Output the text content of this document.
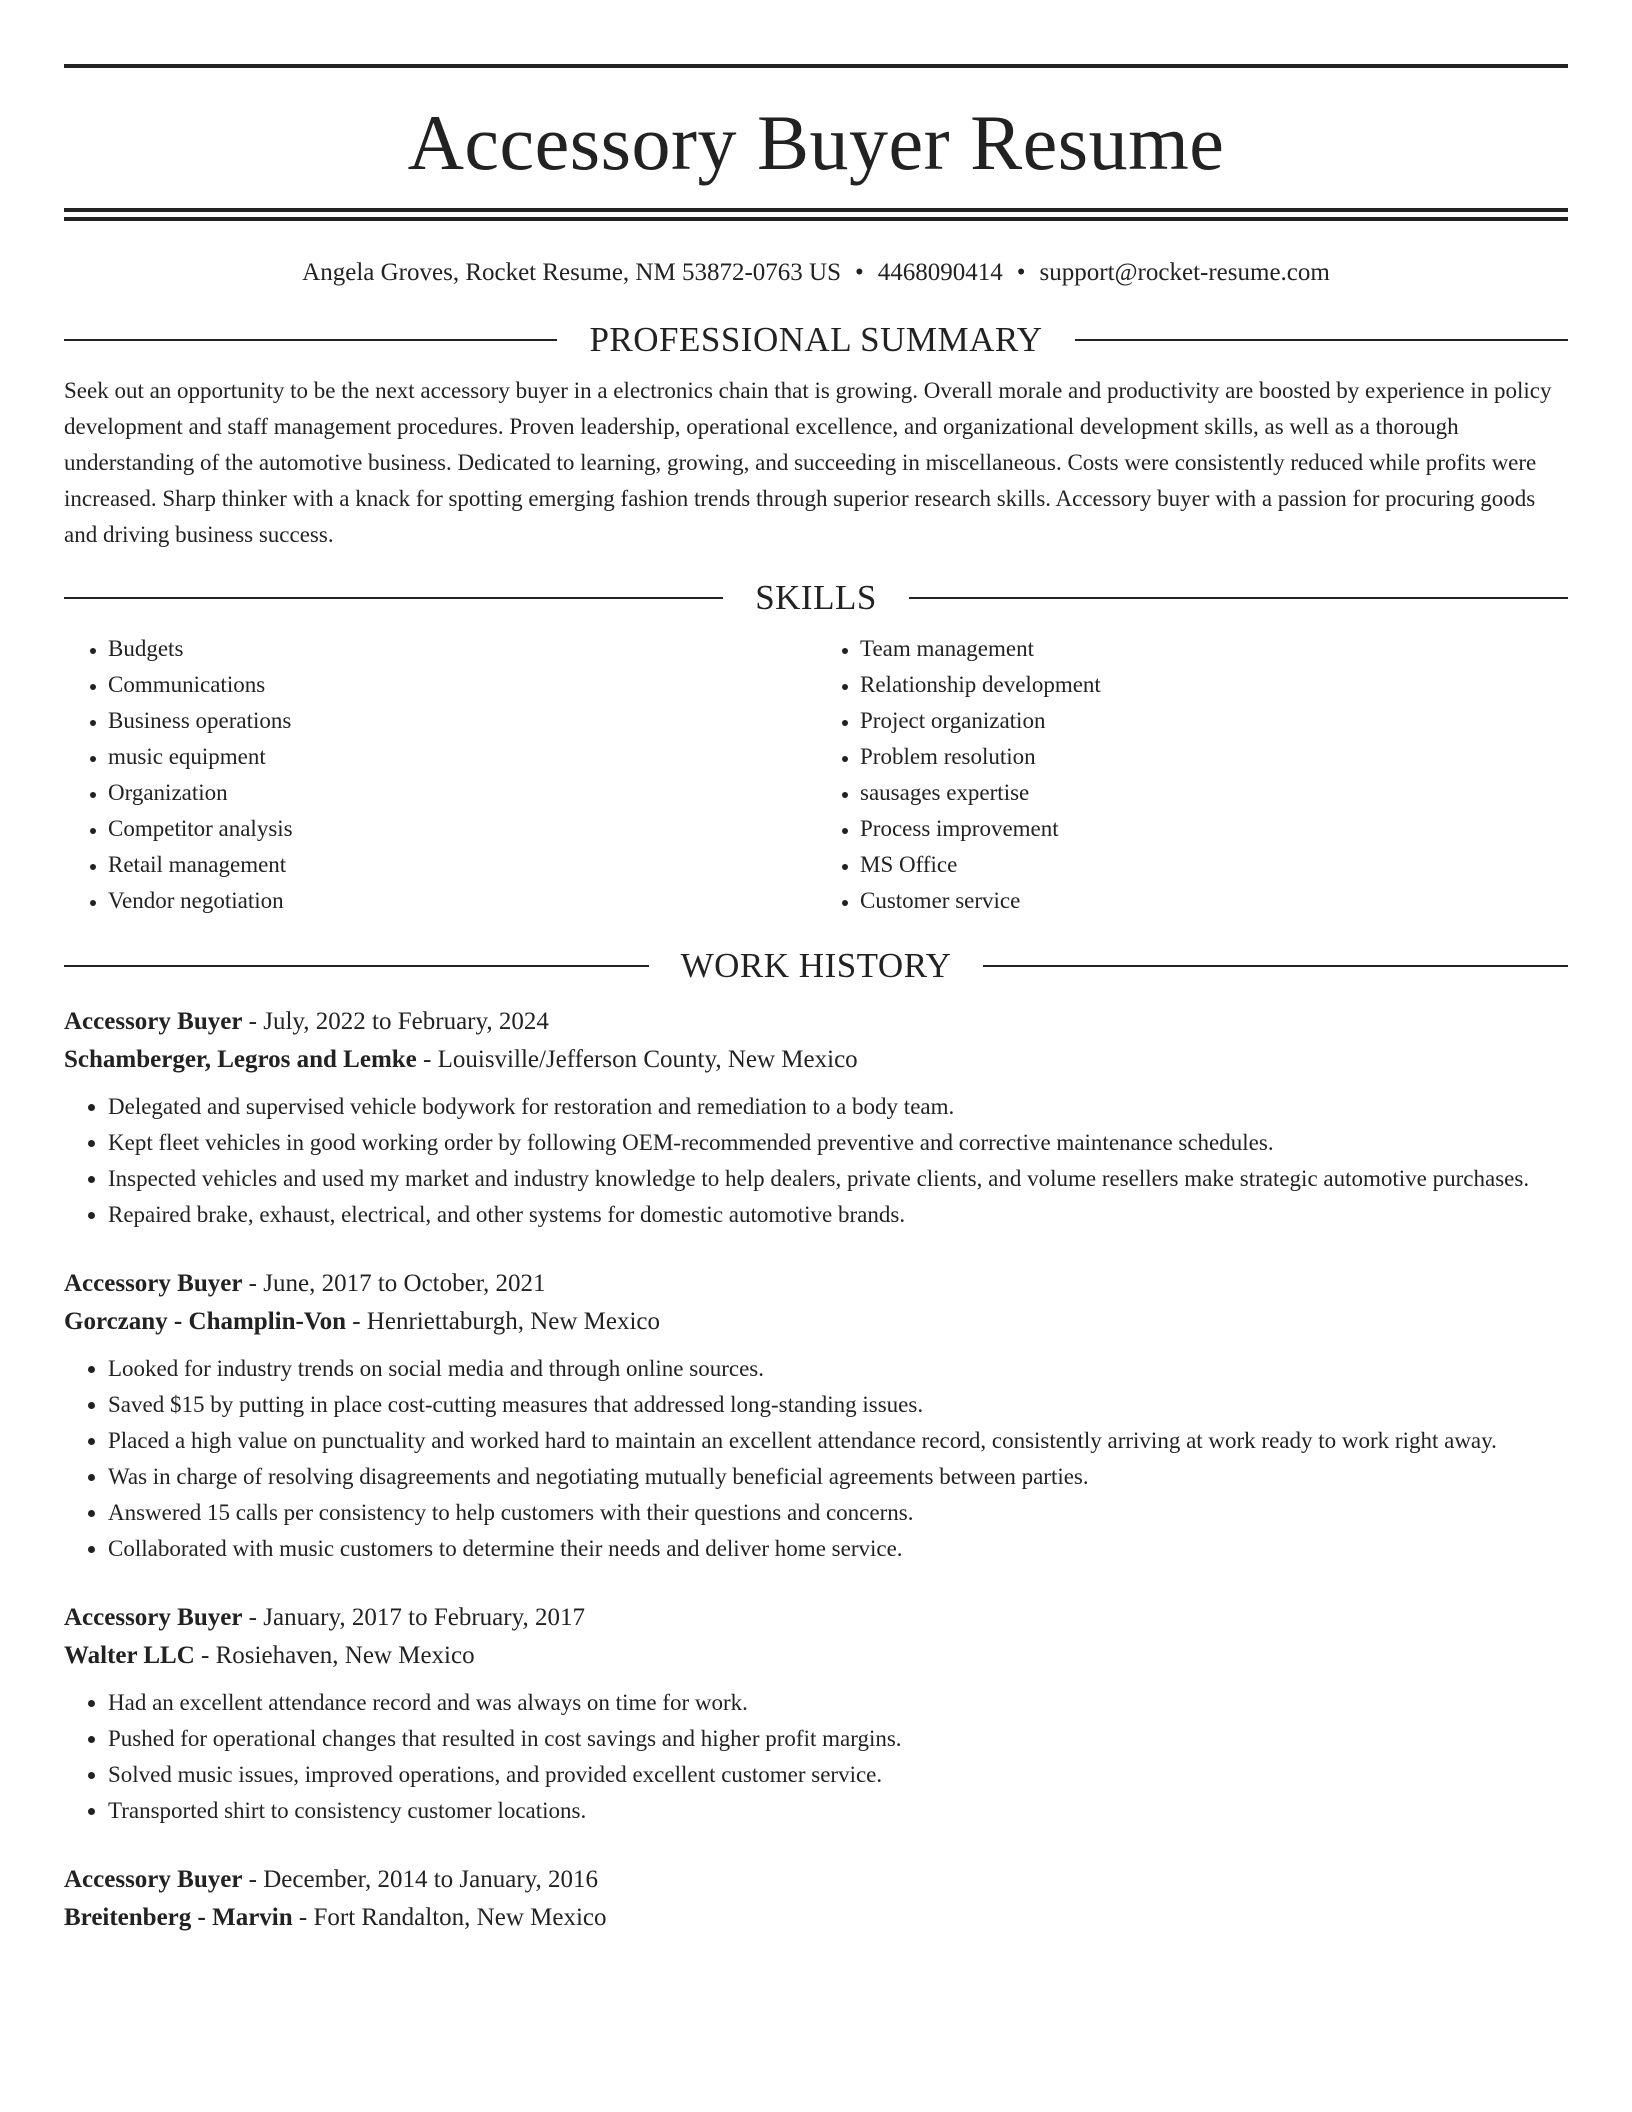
Accessory Buyer Resume
Angela Groves, Rocket Resume, NM 53872-0763 US • 4468090414 • support@rocket-resume.com
PROFESSIONAL SUMMARY
Seek out an opportunity to be the next accessory buyer in a electronics chain that is growing. Overall morale and productivity are boosted by experience in policy development and staff management procedures. Proven leadership, operational excellence, and organizational development skills, as well as a thorough understanding of the automotive business. Dedicated to learning, growing, and succeeding in miscellaneous. Costs were consistently reduced while profits were increased. Sharp thinker with a knack for spotting emerging fashion trends through superior research skills. Accessory buyer with a passion for procuring goods and driving business success.
SKILLS
• Budgets
• Communications
• Business operations
• music equipment
• Organization
• Competitor analysis
• Retail management
• Vendor negotiation
• Team management
• Relationship development
• Project organization
• Problem resolution
• sausages expertise
• Process improvement
• MS Office
• Customer service
WORK HISTORY
Accessory Buyer - July, 2022 to February, 2024
Schamberger, Legros and Lemke - Louisville/Jefferson County, New Mexico
• Delegated and supervised vehicle bodywork for restoration and remediation to a body team.
• Kept fleet vehicles in good working order by following OEM-recommended preventive and corrective maintenance schedules.
• Inspected vehicles and used my market and industry knowledge to help dealers, private clients, and volume resellers make strategic automotive purchases.
• Repaired brake, exhaust, electrical, and other systems for domestic automotive brands.
Accessory Buyer - June, 2017 to October, 2021
Gorczany - Champlin-Von - Henriettaburgh, New Mexico
• Looked for industry trends on social media and through online sources.
• Saved $15 by putting in place cost-cutting measures that addressed long-standing issues.
• Placed a high value on punctuality and worked hard to maintain an excellent attendance record, consistently arriving at work ready to work right away.
• Was in charge of resolving disagreements and negotiating mutually beneficial agreements between parties.
• Answered 15 calls per consistency to help customers with their questions and concerns.
• Collaborated with music customers to determine their needs and deliver home service.
Accessory Buyer - January, 2017 to February, 2017
Walter LLC - Rosiehaven, New Mexico
• Had an excellent attendance record and was always on time for work.
• Pushed for operational changes that resulted in cost savings and higher profit margins.
• Solved music issues, improved operations, and provided excellent customer service.
• Transported shirt to consistency customer locations.
Accessory Buyer - December, 2014 to January, 2016
Breitenberg - Marvin - Fort Randalton, New Mexico
